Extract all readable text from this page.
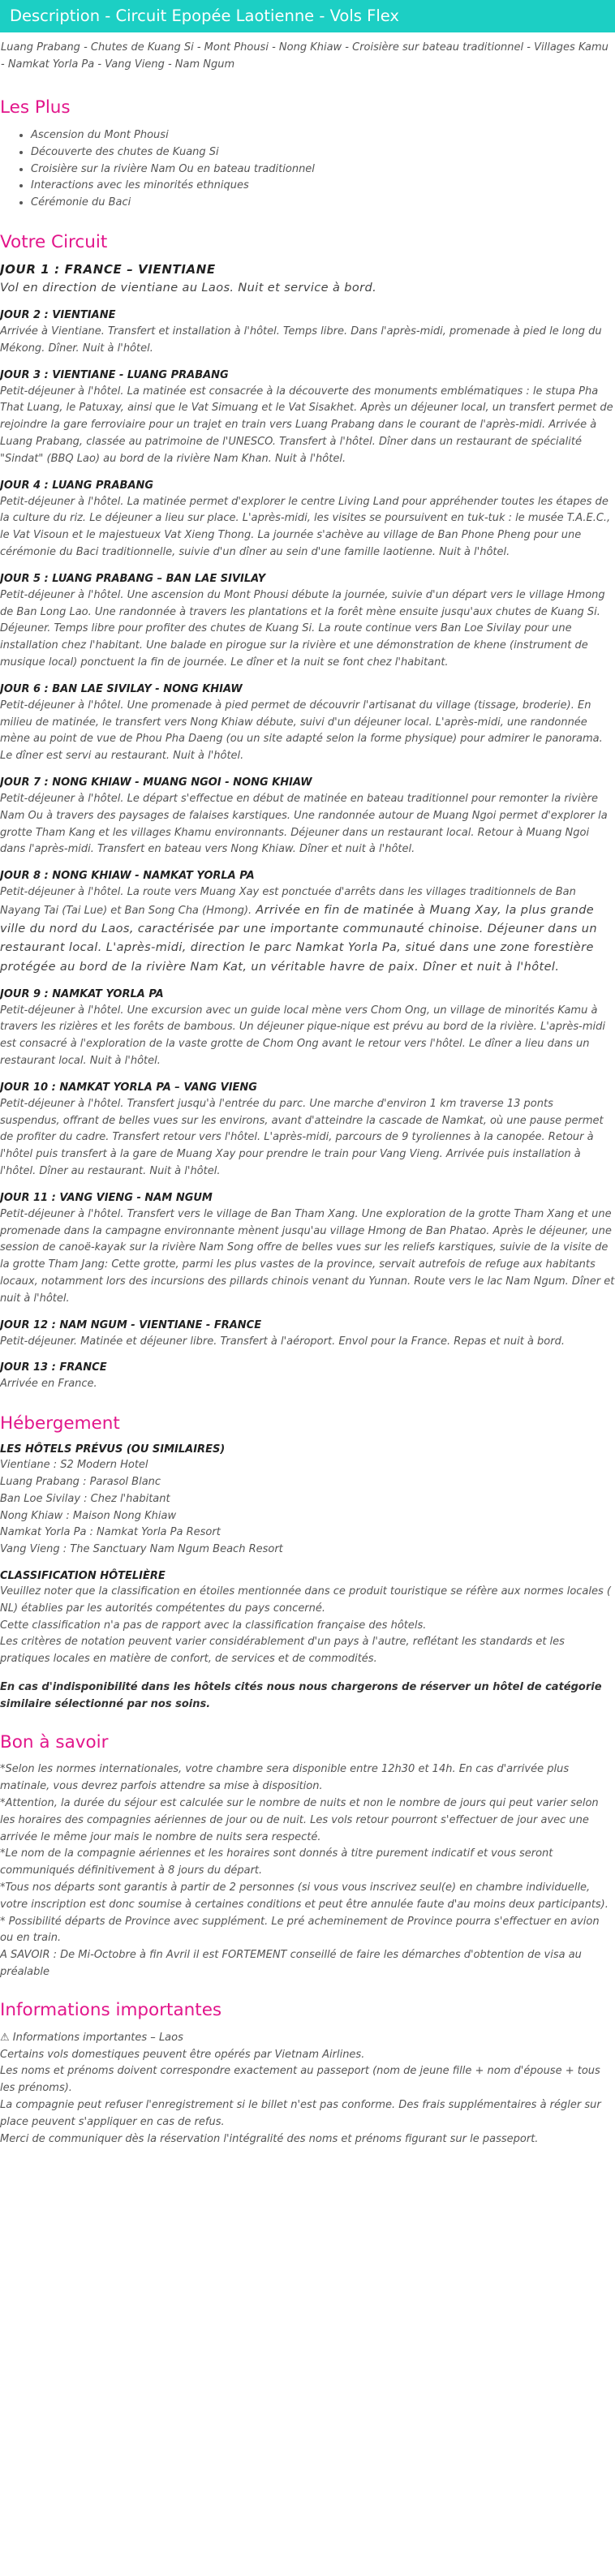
Description - Circuit Epopée Laotienne - Vols Flex
Luang Prabang - Chutes de Kuang Si - Mont Phousi - Nong Khiaw - Croisière sur bateau traditionnel - Villages Kamu - Namkat Yorla Pa - Vang Vieng - Nam Ngum
Les Plus
• Ascension du Mont Phousi
• Découverte des chutes de Kuang Si
• Croisière sur la rivière Nam Ou en bateau traditionnel
• Interactions avec les minorités ethniques
• Cérémonie du Baci
Votre Circuit
JOUR 1 : FRANCE – VIENTIANE
Vol en direction de vientiane au Laos. Nuit et service à bord.
JOUR 2 : VIENTIANE
Arrivée à Vientiane. Transfert et installation à l'hôtel. Temps libre. Dans l'après-midi, promenade à pied le long du Mékong. Dîner. Nuit à l'hôtel.
JOUR 3 : VIENTIANE - LUANG PRABANG
Petit-déjeuner à l'hôtel. La matinée est consacrée à la découverte des monuments emblématiques : le stupa Pha That Luang, le Patuxay, ainsi que le Vat Simuang et le Vat Sisakhet. Après un déjeuner local, un transfert permet de rejoindre la gare ferroviaire pour un trajet en train vers Luang Prabang dans le courant de l'après-midi. Arrivée à Luang Prabang, classée au patrimoine de l'UNESCO. Transfert à l'hôtel. Dîner dans un restaurant de spécialité "Sindat" (BBQ Lao) au bord de la rivière Nam Khan. Nuit à l'hôtel.
JOUR 4 : LUANG PRABANG
Petit-déjeuner à l'hôtel. La matinée permet d'explorer le centre Living Land pour appréhender toutes les étapes de la culture du riz. Le déjeuner a lieu sur place. L'après-midi, les visites se poursuivent en tuk-tuk : le musée T.A.E.C., le Vat Visoun et le majestueux Vat Xieng Thong. La journée s'achève au village de Ban Phone Pheng pour une cérémonie du Baci traditionnelle, suivie d'un dîner au sein d'une famille laotienne. Nuit à l'hôtel.
JOUR 5 : LUANG PRABANG – BAN LAE SIVILAY
Petit-déjeuner à l'hôtel. Une ascension du Mont Phousi débute la journée, suivie d'un départ vers le village Hmong de Ban Long Lao. Une randonnée à travers les plantations et la forêt mène ensuite jusqu'aux chutes de Kuang Si. Déjeuner. Temps libre pour profiter des chutes de Kuang Si. La route continue vers Ban Loe Sivilay pour une installation chez l'habitant. Une balade en pirogue sur la rivière et une démonstration de khene (instrument de musique local) ponctuent la fin de journée. Le dîner et la nuit se font chez l'habitant.
JOUR 6 : BAN LAE SIVILAY - NONG KHIAW
Petit-déjeuner à l'hôtel. Une promenade à pied permet de découvrir l'artisanat du village (tissage, broderie). En milieu de matinée, le transfert vers Nong Khiaw débute, suivi d'un déjeuner local. L'après-midi, une randonnée mène au point de vue de Phou Pha Daeng (ou un site adapté selon la forme physique) pour admirer le panorama. Le dîner est servi au restaurant. Nuit à l'hôtel.
JOUR 7 : NONG KHIAW - MUANG NGOI - NONG KHIAW
Petit-déjeuner à l'hôtel. Le départ s'effectue en début de matinée en bateau traditionnel pour remonter la rivière Nam Ou à travers des paysages de falaises karstiques. Une randonnée autour de Muang Ngoi permet d'explorer la grotte Tham Kang et les villages Khamu environnants. Déjeuner dans un restaurant local. Retour à Muang Ngoi dans l'après-midi. Transfert en bateau vers Nong Khiaw. Dîner et nuit à l'hôtel.
JOUR 8 : NONG KHIAW - NAMKAT YORLA PA
Petit-déjeuner à l'hôtel. La route vers Muang Xay est ponctuée d'arrêts dans les villages traditionnels de Ban Nayang Tai (Tai Lue) et Ban Song Cha (Hmong). Arrivée en fin de matinée à Muang Xay, la plus grande ville du nord du Laos, caractérisée par une importante communauté chinoise. Déjeuner dans un restaurant local. L'après-midi, direction le parc Namkat Yorla Pa, situé dans une zone forestière protégée au bord de la rivière Nam Kat, un véritable havre de paix. Dîner et nuit à l'hôtel.
JOUR 9 : NAMKAT YORLA PA
Petit-déjeuner à l'hôtel. Une excursion avec un guide local mène vers Chom Ong, un village de minorités Kamu à travers les rizières et les forêts de bambous. Un déjeuner pique-nique est prévu au bord de la rivière. L'après-midi est consacré à l'exploration de la vaste grotte de Chom Ong avant le retour vers l'hôtel. Le dîner a lieu dans un restaurant local. Nuit à l'hôtel.
JOUR 10 : NAMKAT YORLA PA – VANG VIENG
Petit-déjeuner à l'hôtel. Transfert jusqu'à l'entrée du parc. Une marche d'environ 1 km traverse 13 ponts suspendus, offrant de belles vues sur les environs, avant d'atteindre la cascade de Namkat, où une pause permet de profiter du cadre. Transfert retour vers l'hôtel. L'après-midi, parcours de 9 tyroliennes à la canopée. Retour à l'hôtel puis transfert à la gare de Muang Xay pour prendre le train pour Vang Vieng. Arrivée puis installation à l'hôtel. Dîner au restaurant. Nuit à l'hôtel.
JOUR 11 : VANG VIENG - NAM NGUM
Petit-déjeuner à l'hôtel. Transfert vers le village de Ban Tham Xang. Une exploration de la grotte Tham Xang et une promenade dans la campagne environnante mènent jusqu'au village Hmong de Ban Phatao. Après le déjeuner, une session de canoë-kayak sur la rivière Nam Song offre de belles vues sur les reliefs karstiques, suivie de la visite de la grotte Tham Jang: Cette grotte, parmi les plus vastes de la province, servait autrefois de refuge aux habitants locaux, notamment lors des incursions des pillards chinois venant du Yunnan. Route vers le lac Nam Ngum. Dîner et nuit à l'hôtel.
JOUR 12 : NAM NGUM - VIENTIANE - FRANCE
Petit-déjeuner. Matinée et déjeuner libre. Transfert à l'aéroport. Envol pour la France. Repas et nuit à bord.
JOUR 13 : FRANCE
Arrivée en France.
Hébergement
LES HÔTELS PRÉVUS (OU SIMILAIRES)
Vientiane : S2 Modern Hotel
Luang Prabang : Parasol Blanc
Ban Loe Sivilay : Chez l'habitant
Nong Khiaw : Maison Nong Khiaw
Namkat Yorla Pa : Namkat Yorla Pa Resort
Vang Vieng : The Sanctuary Nam Ngum Beach Resort
CLASSIFICATION HÔTELIÈRE
Veuillez noter que la classification en étoiles mentionnée dans ce produit touristique se réfère aux normes locales ( NL) établies par les autorités compétentes du pays concerné.
Cette classification n'a pas de rapport avec la classification française des hôtels.
Les critères de notation peuvent varier considérablement d'un pays à l'autre, reflétant les standards et les pratiques locales en matière de confort, de services et de commodités.
En cas d'indisponibilité dans les hôtels cités nous nous chargerons de réserver un hôtel de catégorie similaire sélectionné par nos soins.
Bon à savoir
*Selon les normes internationales, votre chambre sera disponible entre 12h30 et 14h. En cas d'arrivée plus matinale, vous devrez parfois attendre sa mise à disposition.
*Attention, la durée du séjour est calculée sur le nombre de nuits et non le nombre de jours qui peut varier selon les horaires des compagnies aériennes de jour ou de nuit. Les vols retour pourront s'effectuer de jour avec une arrivée le même jour mais le nombre de nuits sera respecté.
*Le nom de la compagnie aériennes et les horaires sont donnés à titre purement indicatif et vous seront communiqués définitivement à 8 jours du départ.
*Tous nos départs sont garantis à partir de 2 personnes (si vous vous inscrivez seul(e) en chambre individuelle, votre inscription est donc soumise à certaines conditions et peut être annulée faute d'au moins deux participants).
* Possibilité départs de Province avec supplément. Le pré acheminement de Province pourra s'effectuer en avion ou en train.
A SAVOIR : De Mi-Octobre à fin Avril il est FORTEMENT conseillé de faire les démarches d'obtention de visa au préalable
Informations importantes
⚠ Informations importantes – Laos
Certains vols domestiques peuvent être opérés par Vietnam Airlines.
Les noms et prénoms doivent correspondre exactement au passeport (nom de jeune fille + nom d'épouse + tous les prénoms).
La compagnie peut refuser l'enregistrement si le billet n'est pas conforme. Des frais supplémentaires à régler sur place peuvent s'appliquer en cas de refus.
Merci de communiquer dès la réservation l'intégralité des noms et prénoms figurant sur le passeport.
